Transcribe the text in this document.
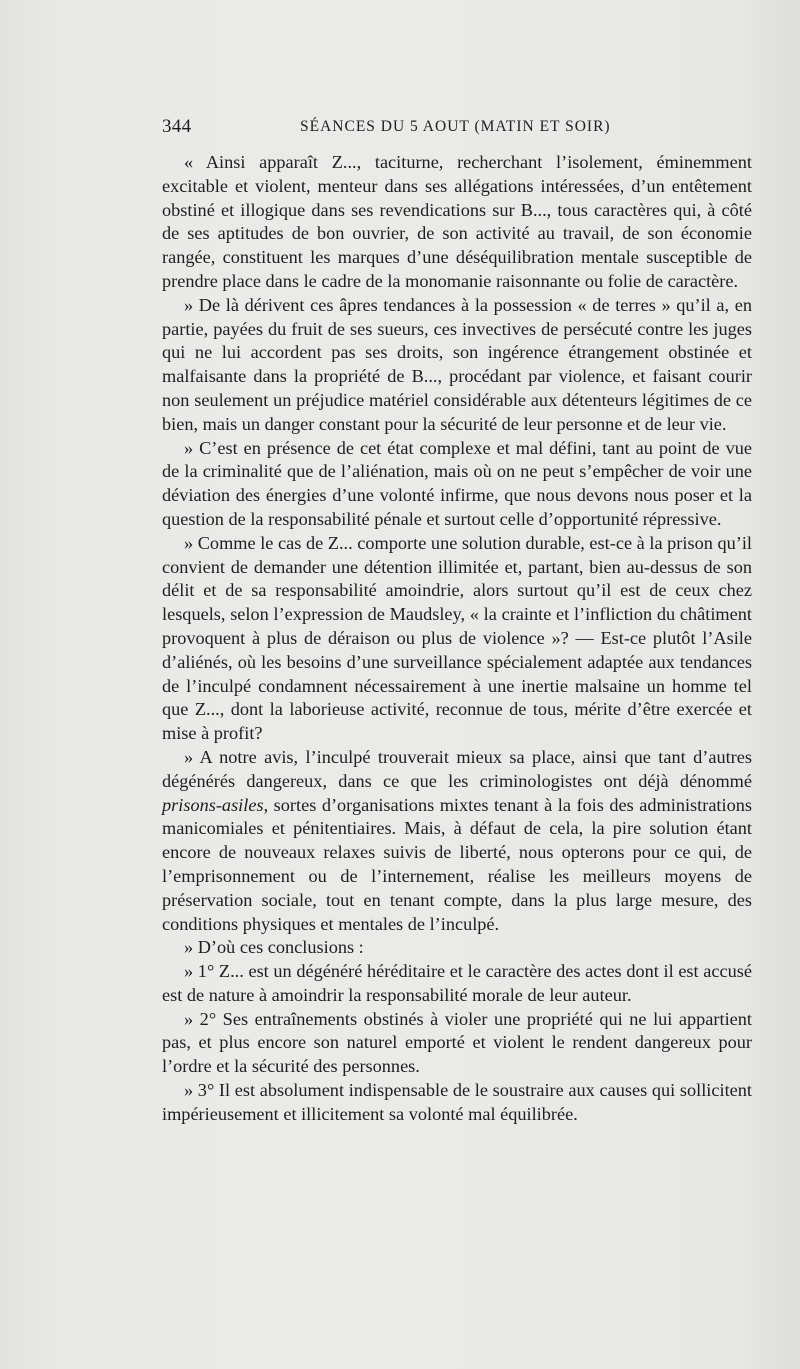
344	SÉANCES DU 5 AOUT (MATIN ET SOIR)

« Ainsi apparaît Z..., taciturne, recherchant l’isolement, éminemment excitable et violent, menteur dans ses allégations intéressées, d’un entêtement obstiné et illogique dans ses revendications sur B..., tous caractères qui, à côté de ses aptitudes de bon ouvrier, de son activité au travail, de son économie rangée, constituent les marques d’une déséquilibration mentale susceptible de prendre place dans le cadre de la monomanie raisonnante ou folie de caractère.

» De là dérivent ces âpres tendances à la possession « de terres » qu’il a, en partie, payées du fruit de ses sueurs, ces invectives de persécuté contre les juges qui ne lui accordent pas ses droits, son ingérence étrangement obstinée et malfaisante dans la propriété de B..., procédant par violence, et faisant courir non seulement un préjudice matériel considérable aux détenteurs légitimes de ce bien, mais un danger constant pour la sécurité de leur personne et de leur vie.

» C’est en présence de cet état complexe et mal défini, tant au point de vue de la criminalité que de l’aliénation, mais où on ne peut s’empêcher de voir une déviation des énergies d’une volonté infirme, que nous devons nous poser et la question de la responsabilité pénale et surtout celle d’opportunité répressive.

» Comme le cas de Z... comporte une solution durable, est-ce à la prison qu’il convient de demander une détention illimitée et, partant, bien au-dessus de son délit et de sa responsabilité amoindrie, alors surtout qu’il est de ceux chez lesquels, selon l’expression de Maudsley, « la crainte et l’infliction du châtiment provoquent à plus de déraison ou plus de violence »? — Est-ce plutôt l’Asile d’aliénés, où les besoins d’une surveillance spécialement adaptée aux tendances de l’inculpé condamnent nécessairement à une inertie malsaine un homme tel que Z..., dont la laborieuse activité, reconnue de tous, mérite d’être exercée et mise à profit?

» A notre avis, l’inculpé trouverait mieux sa place, ainsi que tant d’autres dégénérés dangereux, dans ce que les criminologistes ont déjà dénommé prisons-asiles, sortes d’organisations mixtes tenant à la fois des administrations manicomiales et pénitentiaires. Mais, à défaut de cela, la pire solution étant encore de nouveaux relaxes suivis de liberté, nous opterons pour ce qui, de l’emprisonnement ou de l’internement, réalise les meilleurs moyens de préservation sociale, tout en tenant compte, dans la plus large mesure, des conditions physiques et mentales de l’inculpé.

» D’où ces conclusions :

» 1° Z... est un dégénéré héréditaire et le caractère des actes dont il est accusé est de nature à amoindrir la responsabilité morale de leur auteur.

» 2° Ses entraînements obstinés à violer une propriété qui ne lui appartient pas, et plus encore son naturel emporté et violent le rendent dangereux pour l’ordre et la sécurité des personnes.

» 3° Il est absolument indispensable de le soustraire aux causes qui sollicitent impérieusement et illicitement sa volonté mal équilibrée.
